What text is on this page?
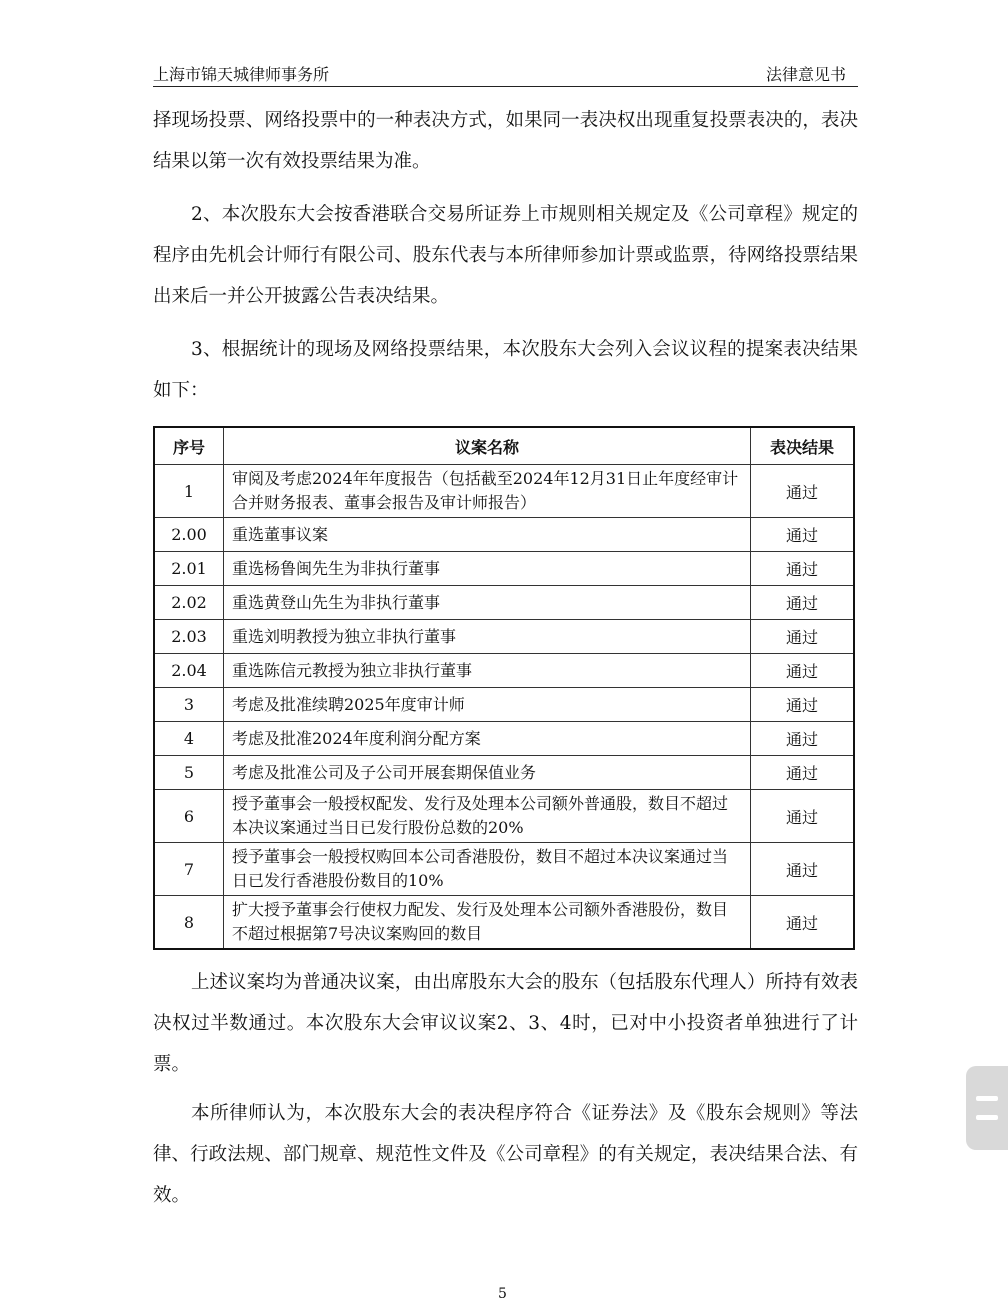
上海市锦天城律师事务所	法律意见书

择现场投票、网络投票中的一种表决方式，如果同一表决权出现重复投票表决的，表决结果以第一次有效投票结果为准。

2、本次股东大会按香港联合交易所证券上市规则相关规定及《公司章程》规定的程序由先机会计师行有限公司、股东代表与本所律师参加计票或监票，待网络投票结果出来后一并公开披露公告表决结果。

3、根据统计的现场及网络投票结果，本次股东大会列入会议议程的提案表决结果如下：

序号	议案名称	表决结果
1	审阅及考虑2024年年度报告（包括截至2024年12月31日止年度经审计合并财务报表、董事会报告及审计师报告）	通过
2.00	重选董事议案	通过
2.01	重选杨鲁闽先生为非执行董事	通过
2.02	重选黄登山先生为非执行董事	通过
2.03	重选刘明教授为独立非执行董事	通过
2.04	重选陈信元教授为独立非执行董事	通过
3	考虑及批准续聘2025年度审计师	通过
4	考虑及批准2024年度利润分配方案	通过
5	考虑及批准公司及子公司开展套期保值业务	通过
6	授予董事会一般授权配发、发行及处理本公司额外普通股，数目不超过本决议案通过当日已发行股份总数的20%	通过
7	授予董事会一般授权购回本公司香港股份，数目不超过本决议案通过当日已发行香港股份数目的10%	通过
8	扩大授予董事会行使权力配发、发行及处理本公司额外香港股份，数目不超过根据第7号决议案购回的数目	通过

上述议案均为普通决议案，由出席股东大会的股东（包括股东代理人）所持有效表决权过半数通过。本次股东大会审议议案2、3、4时，已对中小投资者单独进行了计票。

本所律师认为，本次股东大会的表决程序符合《证券法》及《股东会规则》等法律、行政法规、部门规章、规范性文件及《公司章程》的有关规定，表决结果合法、有效。

5
